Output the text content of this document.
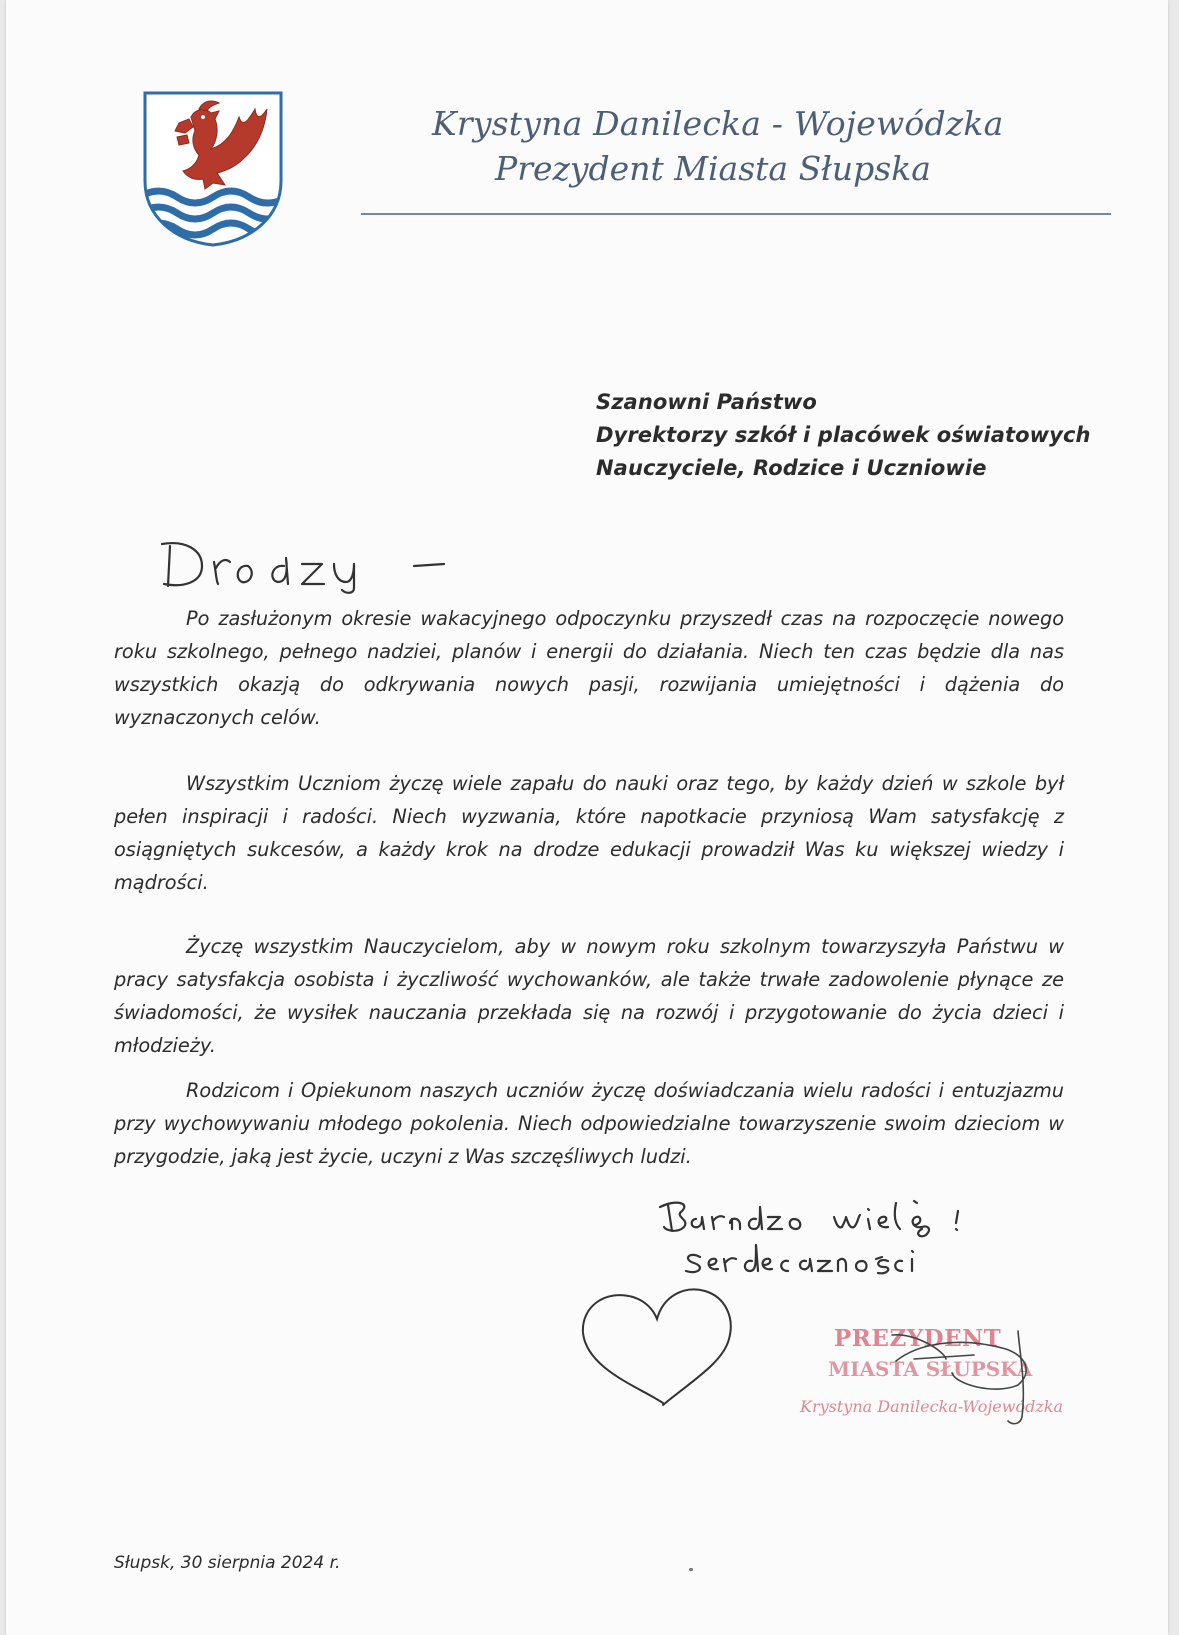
Krystyna Danilecka - Wojewódzka
Prezydent Miasta Słupska
Szanowni Państwo
Dyrektorzy szkół i placówek oświatowych
Nauczyciele, Rodzice i Uczniowie

Po zasłużonym okresie wakacyjnego odpoczynku przyszedł czas na rozpoczęcie nowego roku szkolnego, pełnego nadziei, planów i energii do działania. Niech ten czas będzie dla nas wszystkich okazją do odkrywania nowych pasji, rozwijania umiejętności i dążenia do wyznaczonych celów.

Wszystkim Uczniom życzę wiele zapału do nauki oraz tego, by każdy dzień w szkole był pełen inspiracji i radości. Niech wyzwania, które napotkacie przyniosą Wam satysfakcję z osiągniętych sukcesów, a każdy krok na drodze edukacji prowadził Was ku większej wiedzy i mądrości.

Życzę wszystkim Nauczycielom, aby w nowym roku szkolnym towarzyszyła Państwu w pracy satysfakcja osobista i życzliwość wychowanków, ale także trwałe zadowolenie płynące ze świadomości, że wysiłek nauczania przekłada się na rozwój i przygotowanie do życia dzieci i młodzieży.

Rodzicom i Opiekunom naszych uczniów życzę doświadczania wielu radości i entuzjazmu przy wychowywaniu młodego pokolenia. Niech odpowiedzialne towarzyszenie swoim dzieciom w przygodzie, jaką jest życie, uczyni z Was szczęśliwych ludzi.

PREZYDENT
MIASTA SŁUPSKA
Krystyna Danilecka-Wojewódzka
Słupsk, 30 sierpnia 2024 r.
